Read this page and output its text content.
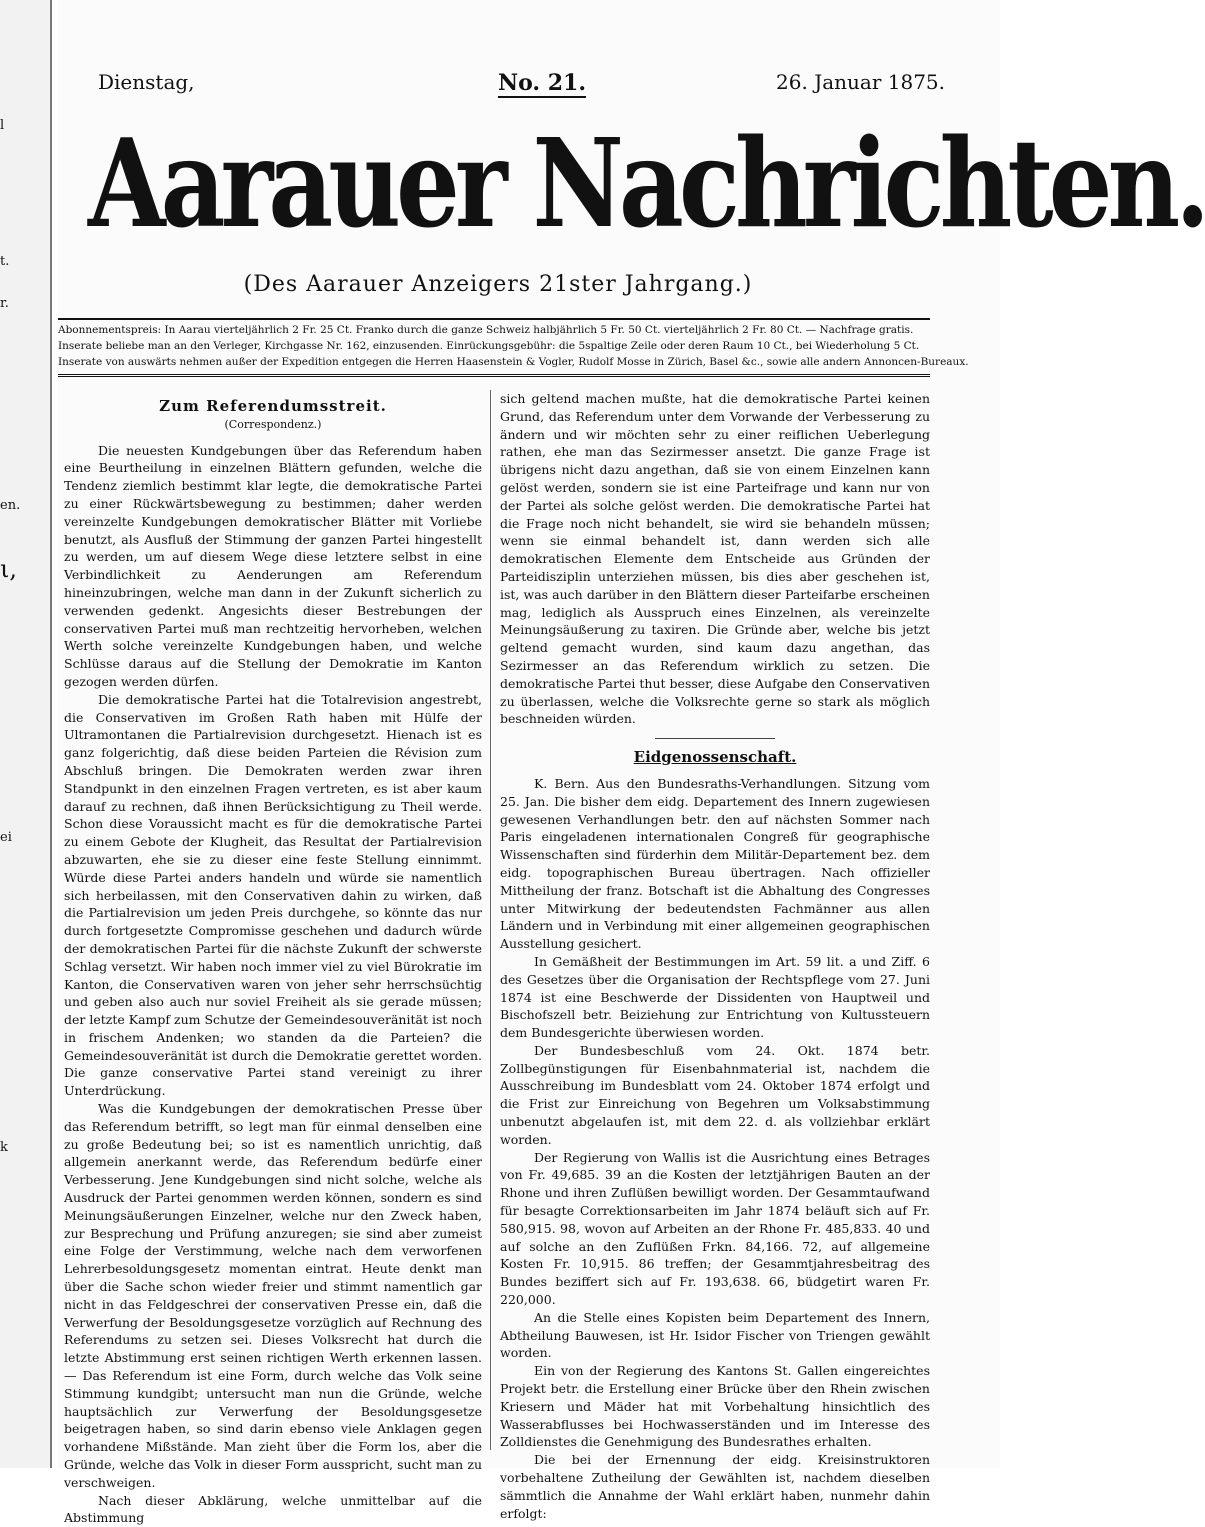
l
t.
r.
en.
ι,
ei
k
Dienstag,	No. 21.	26. Januar 1875.
Aarauer Nachrichten.
(Des Aarauer Anzeigers 21ster Jahrgang.)

Abonnementspreis: In Aarau vierteljährlich 2 Fr. 25 Ct. Franko durch die ganze Schweiz halbjährlich 5 Fr. 50 Ct. vierteljährlich 2 Fr. 80 Ct. — Nachfrage gratis.

Inserate beliebe man an den Verleger, Kirchgasse Nr. 162, einzusenden. Einrückungsgebühr: die 5spaltige Zeile oder deren Raum 10 Ct., bei Wiederholung 5 Ct.

Inserate von auswärts nehmen außer der Expedition entgegen die Herren Haasenstein & Vogler, Rudolf Mosse in Zürich, Basel &c., sowie alle andern Annoncen-Bureaux.

Zum Referendumsstreit.
(Correspondenz.)

Die neuesten Kundgebungen über das Referendum haben eine Beurtheilung in einzelnen Blättern gefunden, welche die Tendenz ziemlich bestimmt klar legte, die demokratische Partei zu einer Rückwärtsbewegung zu bestimmen; daher werden vereinzelte Kundgebungen demokratischer Blätter mit Vorliebe benutzt, als Ausfluß der Stimmung der ganzen Partei hingestellt zu werden, um auf diesem Wege diese letztere selbst in eine Verbindlichkeit zu Aenderungen am Referendum hineinzubringen, welche man dann in der Zukunft sicherlich zu verwenden gedenkt. Angesichts dieser Bestrebungen der conservativen Partei muß man rechtzeitig hervorheben, welchen Werth solche vereinzelte Kundgebungen haben, und welche Schlüsse daraus auf die Stellung der Demokratie im Kanton gezogen werden dürfen.

Die demokratische Partei hat die Totalrevision angestrebt, die Conservativen im Großen Rath haben mit Hülfe der Ultramontanen die Partialrevision durchgesetzt. Hienach ist es ganz folgerichtig, daß diese beiden Parteien die Révision zum Abschluß bringen. Die Demokraten werden zwar ihren Standpunkt in den einzelnen Fragen vertreten, es ist aber kaum darauf zu rechnen, daß ihnen Berücksichtigung zu Theil werde. Schon diese Voraussicht macht es für die demokratische Partei zu einem Gebote der Klugheit, das Resultat der Partialrevision abzuwarten, ehe sie zu dieser eine feste Stellung einnimmt. Würde diese Partei anders handeln und würde sie namentlich sich herbeilassen, mit den Conservativen dahin zu wirken, daß die Partialrevision um jeden Preis durchgehe, so könnte das nur durch fortgesetzte Compromisse geschehen und dadurch würde der demokratischen Partei für die nächste Zukunft der schwerste Schlag versetzt. Wir haben noch immer viel zu viel Bürokratie im Kanton, die Conservativen waren von jeher sehr herrschsüchtig und geben also auch nur soviel Freiheit als sie gerade müssen; der letzte Kampf zum Schutze der Gemeindesouveränität ist noch in frischem Andenken; wo standen da die Parteien? die Gemeindesouveränität ist durch die Demokratie gerettet worden. Die ganze conservative Partei stand vereinigt zu ihrer Unterdrückung.

Was die Kundgebungen der demokratischen Presse über das Referendum betrifft, so legt man für einmal denselben eine zu große Bedeutung bei; so ist es namentlich unrichtig, daß allgemein anerkannt werde, das Referendum bedürfe einer Verbesserung. Jene Kundgebungen sind nicht solche, welche als Ausdruck der Partei genommen werden können, sondern es sind Meinungsäußerungen Einzelner, welche nur den Zweck haben, zur Besprechung und Prüfung anzuregen; sie sind aber zumeist eine Folge der Verstimmung, welche nach dem verworfenen Lehrerbesoldungsgesetz momentan eintrat. Heute denkt man über die Sache schon wieder freier und stimmt namentlich gar nicht in das Feldgeschrei der conservativen Presse ein, daß die Verwerfung der Besoldungsgesetze vorzüglich auf Rechnung des Referendums zu setzen sei. Dieses Volksrecht hat durch die letzte Abstimmung erst seinen richtigen Werth erkennen lassen. — Das Referendum ist eine Form, durch welche das Volk seine Stimmung kundgibt; untersucht man nun die Gründe, welche hauptsächlich zur Verwerfung der Besoldungsgesetze beigetragen haben, so sind darin ebenso viele Anklagen gegen vorhandene Mißstände. Man zieht über die Form los, aber die Gründe, welche das Volk in dieser Form ausspricht, sucht man zu verschweigen.

Nach dieser Abklärung, welche unmittelbar auf die Abstimmung

sich geltend machen mußte, hat die demokratische Partei keinen Grund, das Referendum unter dem Vorwande der Verbesserung zu ändern und wir möchten sehr zu einer reiflichen Ueberlegung rathen, ehe man das Sezirmesser ansetzt. Die ganze Frage ist übrigens nicht dazu angethan, daß sie von einem Einzelnen kann gelöst werden, sondern sie ist eine Parteifrage und kann nur von der Partei als solche gelöst werden. Die demokratische Partei hat die Frage noch nicht behandelt, sie wird sie behandeln müssen; wenn sie einmal behandelt ist, dann werden sich alle demokratischen Elemente dem Entscheide aus Gründen der Parteidisziplin unterziehen müssen, bis dies aber geschehen ist, ist, was auch darüber in den Blättern dieser Parteifarbe erscheinen mag, lediglich als Ausspruch eines Einzelnen, als vereinzelte Meinungsäußerung zu taxiren. Die Gründe aber, welche bis jetzt geltend gemacht wurden, sind kaum dazu angethan, das Sezirmesser an das Referendum wirklich zu setzen. Die demokratische Partei thut besser, diese Aufgabe den Conservativen zu überlassen, welche die Volksrechte gerne so stark als möglich beschneiden würden.

Eidgenossenschaft.

K. Bern. Aus den Bundesraths-Verhandlungen. Sitzung vom 25. Jan. Die bisher dem eidg. Departement des Innern zugewiesen gewesenen Verhandlungen betr. den auf nächsten Sommer nach Paris eingeladenen internationalen Congreß für geographische Wissenschaften sind fürderhin dem Militär-Departement bez. dem eidg. topographischen Bureau übertragen. Nach offizieller Mittheilung der franz. Botschaft ist die Abhaltung des Congresses unter Mitwirkung der bedeutendsten Fachmänner aus allen Ländern und in Verbindung mit einer allgemeinen geographischen Ausstellung gesichert.

In Gemäßheit der Bestimmungen im Art. 59 lit. a und Ziff. 6 des Gesetzes über die Organisation der Rechtspflege vom 27. Juni 1874 ist eine Beschwerde der Dissidenten von Hauptweil und Bischofszell betr. Beiziehung zur Entrichtung von Kultussteuern dem Bundesgerichte überwiesen worden.

Der Bundesbeschluß vom 24. Okt. 1874 betr. Zollbegünstigungen für Eisenbahnmaterial ist, nachdem die Ausschreibung im Bundesblatt vom 24. Oktober 1874 erfolgt und die Frist zur Einreichung von Begehren um Volksabstimmung unbenutzt abgelaufen ist, mit dem 22. d. als vollziehbar erklärt worden.

Der Regierung von Wallis ist die Ausrichtung eines Betrages von Fr. 49,685. 39 an die Kosten der letztjährigen Bauten an der Rhone und ihren Zuflüßen bewilligt worden. Der Gesammtaufwand für besagte Correktionsarbeiten im Jahr 1874 beläuft sich auf Fr. 580,915. 98, wovon auf Arbeiten an der Rhone Fr. 485,833. 40 und auf solche an den Zuflüßen Frkn. 84,166. 72, auf allgemeine Kosten Fr. 10,915. 86 treffen; der Gesammtjahresbeitrag des Bundes beziffert sich auf Fr. 193,638. 66, büdgetirt waren Fr. 220,000.

An die Stelle eines Kopisten beim Departement des Innern, Abtheilung Bauwesen, ist Hr. Isidor Fischer von Triengen gewählt worden.

Ein von der Regierung des Kantons St. Gallen eingereichtes Projekt betr. die Erstellung einer Brücke über den Rhein zwischen Kriesern und Mäder hat mit Vorbehaltung hinsichtlich des Wasserabflusses bei Hochwasserständen und im Interesse des Zolldienstes die Genehmigung des Bundesrathes erhalten.

Die bei der Ernennung der eidg. Kreisinstruktoren vorbehaltene Zutheilung der Gewählten ist, nachdem dieselben sämmtlich die Annahme der Wahl erklärt haben, nunmehr dahin erfolgt:
